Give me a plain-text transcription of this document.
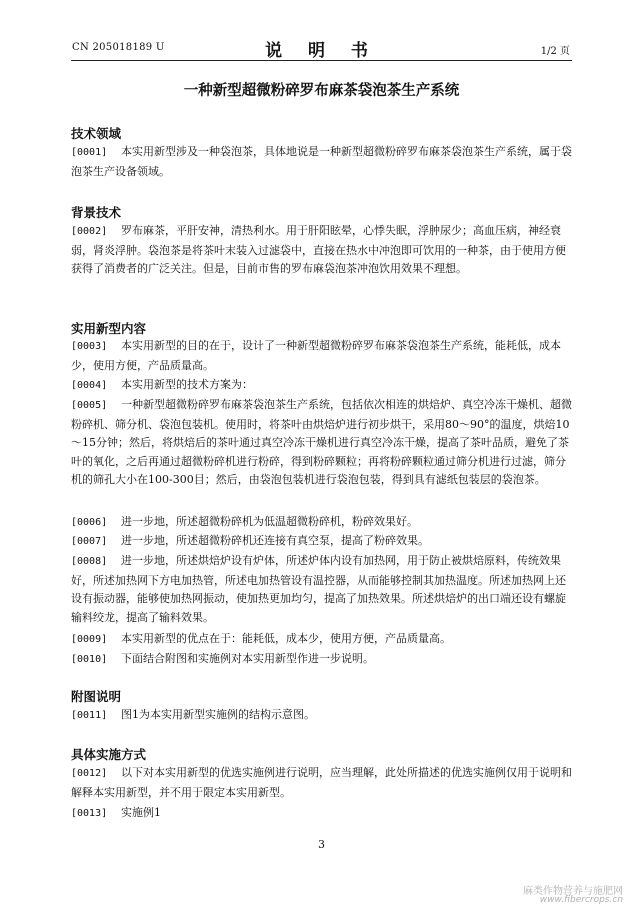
CN 205018189 U	说 明 书	1/2 页
一种新型超微粉碎罗布麻茶袋泡茶生产系统
技术领域
[0001] 本实用新型涉及一种袋泡茶，具体地说是一种新型超微粉碎罗布麻茶袋泡茶生产系统，属于袋泡茶生产设备领域。
背景技术
[0002] 罗布麻茶，平肝安神，清热利水。用于肝阳眩晕，心悸失眠，浮肿尿少；高血压病，神经衰弱，肾炎浮肿。袋泡茶是将茶叶末装入过滤袋中，直接在热水中冲泡即可饮用的一种茶，由于使用方便获得了消费者的广泛关注。但是，目前市售的罗布麻袋泡茶冲泡饮用效果不理想。
实用新型内容
[0003] 本实用新型的目的在于，设计了一种新型超微粉碎罗布麻茶袋泡茶生产系统，能耗低，成本少，使用方便，产品质量高。
[0004] 本实用新型的技术方案为：
[0005] 一种新型超微粉碎罗布麻茶袋泡茶生产系统，包括依次相连的烘焙炉、真空冷冻干燥机、超微粉碎机、筛分机、袋泡包装机。使用时，将茶叶由烘焙炉进行初步烘干，采用80～90°的温度，烘焙10～15分钟；然后，将烘焙后的茶叶通过真空冷冻干燥机进行真空冷冻干燥，提高了茶叶品质，避免了茶叶的氧化，之后再通过超微粉碎机进行粉碎，得到粉碎颗粒；再将粉碎颗粒通过筛分机进行过滤，筛分机的筛孔大小在100-300目；然后，由袋泡包装机进行袋泡包装，得到具有滤纸包装层的袋泡茶。
[0006] 进一步地，所述超微粉碎机为低温超微粉碎机，粉碎效果好。
[0007] 进一步地，所述超微粉碎机还连接有真空泵，提高了粉碎效果。
[0008] 进一步地，所述烘焙炉设有炉体，所述炉体内设有加热网，用于防止被烘焙原料，传统效果好，所述加热网下方电加热管，所述电加热管设有温控器，从而能够控制其加热温度。所述加热网上还设有振动器，能够使加热网振动，使加热更加均匀，提高了加热效果。所述烘焙炉的出口端还设有螺旋输料绞龙，提高了输料效果。
[0009] 本实用新型的优点在于：能耗低，成本少，使用方便，产品质量高。
[0010] 下面结合附图和实施例对本实用新型作进一步说明。
附图说明
[0011] 图1为本实用新型实施例的结构示意图。
具体实施方式
[0012] 以下对本实用新型的优选实施例进行说明，应当理解，此处所描述的优选实施例仅用于说明和解释本实用新型，并不用于限定本实用新型。
[0013] 实施例1
3
麻类作物营养与施肥网
www.fibercrops.cn
